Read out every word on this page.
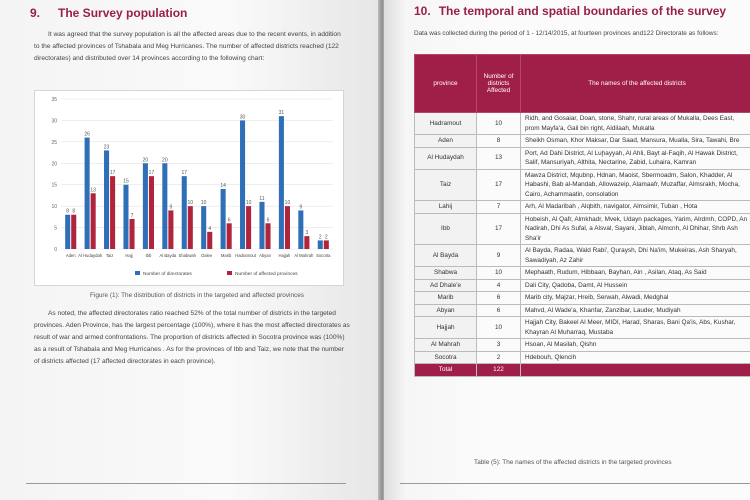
9. The Survey population
It was agreed that the survey population is all the affected areas due to the recent events, in addition to the affected provinces of Tshabala and Meg Hurricanes. The number of affected districts reached (122 directorates) and distributed over 14 provinces according to the following chart:
0
5
10
15
20
25
30
35
8 8
Aden
26
13
Al Hudaydah
23
17
Taiz
15
7
Hajj
20
17
Ibb
20
9
Al Bayda
17
10
Shabwah
10
4
Dalee
14
6
Marib
30
10
Hadramout
11
6
Abyan
31
10
Hajjah
9
3
Al Mahrah
2 2
Socotra
Number of directorates	Number of affected provinces
Figure (1): The distribution of districts in the targeted and affected provinces
As noted, the affected directorates ratio reached 52% of the total number of districts in the targeted provinces. Aden Province, has the largest percentage (100%), where it has the most affected directorates as result of war and armed confrontations. The proportion of districts affected in Socotra province was (100%) as a result of Tshabala and Meg Hurricanes . As for the provinces of Ibb and Taiz, we note that the number of districts affected (17 affected directorates in each province).
10. The temporal and spatial boundaries of the survey
Data was collected during the period of 1 - 12/14/2015, at fourteen provinces and122 Directorate as follows:
province	Number of districts Affected	The names of the affected districts
Hadramout	10	Ridh, and Gosaiar, Doan, stone, Shahr, rural areas of Mukalla, Dees East, prom Mayfa'a, Gail bin right, Aldilaah, Mukalla
Aden	8	Sheikh Osman, Khor Maksar, Dar Saad, Mansura, Mualla, Sira, Tawahi, Bre
Al Hudaydah	13	Port, Ad Dahi District, Al Luḩayyah, Al Ahli, Bayt al-Faqih, Al Hawak District, Salif, Mansuriyah, Althita, Nectarine, Zabid, Luhaira, Kamran
Taiz	17	Mawza District, Mqubnp, Hdnan, Maoist, Sbermoadm, Salon, Khadder, Al Habashi, Bab al-Mandab, Allowazeip, Alamaafr, Muzaffar, Almsrakh, Mocha, Cairo, Achammaatin, consolation
Lahij	7	Arh, Al Madaribah , Alqbith, navigator, Almsimir, Tuban , Hota
Ibb	17	Hobeish, Al Qafr, Almkhadr, Mvek, Udayn packages, Yarim, Alrdmh, COPD, An Nadirah, Dhi As Sufal, a Alsval, Sayani, Jiblah, Almcnh, Al Dhihar, Shrb Ash Sha'ir
Al Bayda	9	Al Bayda, Radaa, Wald Rabi', Quraysh, Dhi Na'im, Mukeiras, Ash Sharyah, Sawadiyah, Az Zahir
Shabwa	10	Mephaath, Rudum, Hibbaan, Bayhan, Ain , Asilan, Ataq, As Said
Ad Dhale'e	4	Dali City, Qadoba, Damt, Al Hussein
Marib	6	Marib city, Majzar, Hreib, Serwah, Alwadi, Medghal
Abyan	6	Mahvd, Al Wade'a, Khanfar, Zanzibar, Lauder, Mudiyah
Hajjah	10	Hajjah City, Bakeel Al Meer, MIDI, Harad, Sharas, Bani Qa'is, Abs, Kushar, Khayran Al Muharraq, Mustaba
Al Mahrah	3	Hsoan, Al Masilah, Qishn
Socotra	2	Hdebouh, Qlencih
Total	122	
Table (5): The names of the affected districts in the targeted provinces
